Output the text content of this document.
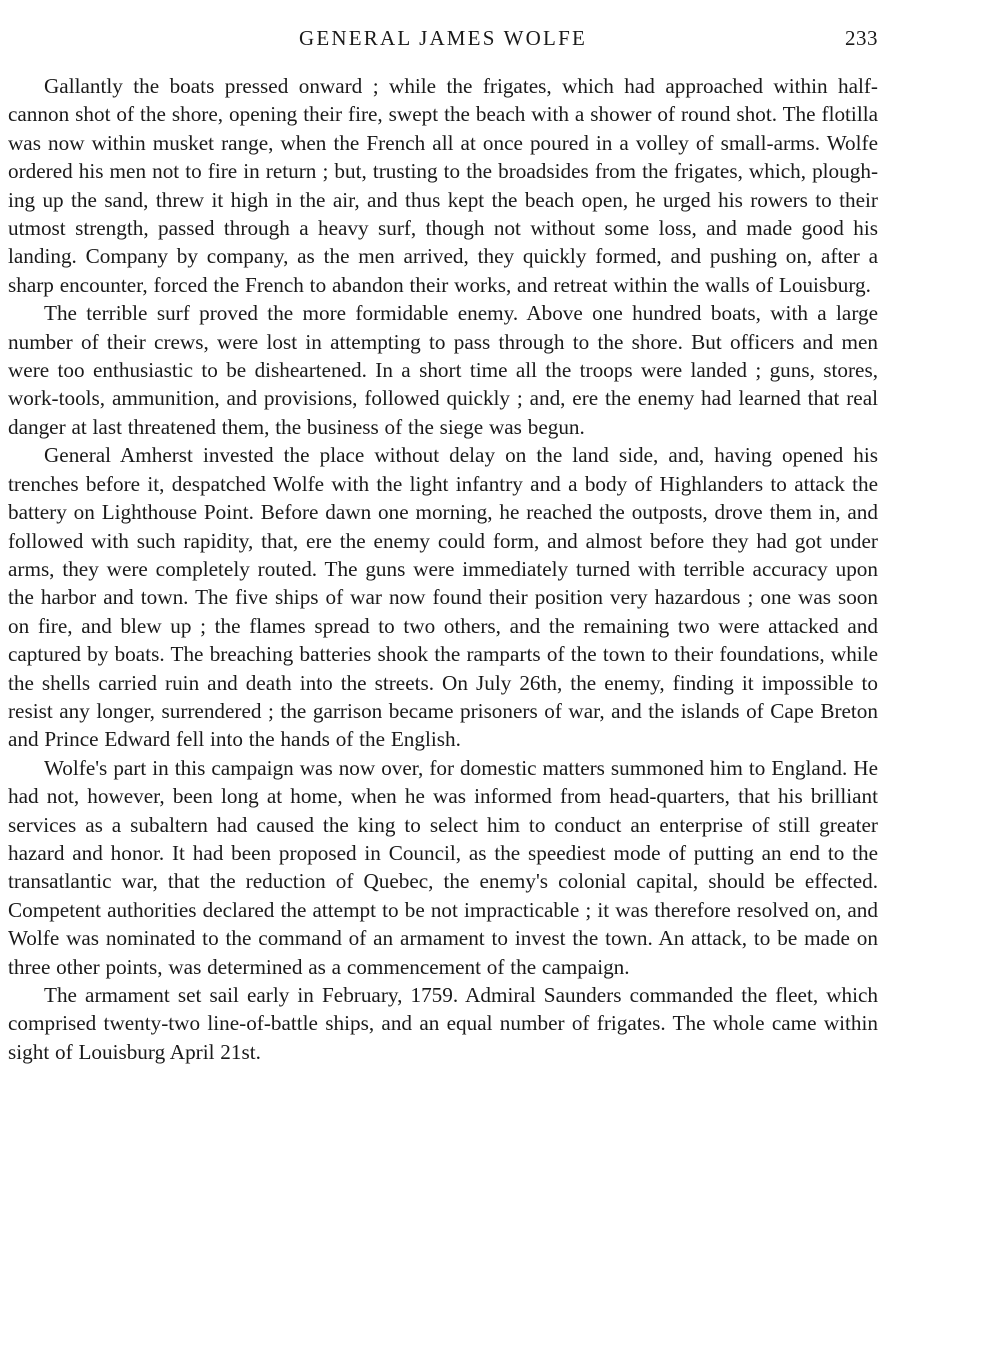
GENERAL JAMES WOLFE	233

Gallantly the boats pressed onward ; while the frigates, which had approached within half-cannon shot of the shore, opening their fire, swept the beach with a shower of round shot. The flotilla was now within musket range, when the French all at once poured in a volley of small-arms. Wolfe ordered his men not to fire in return ; but, trusting to the broadsides from the frigates, which, ploughing up the sand, threw it high in the air, and thus kept the beach open, he urged his rowers to their utmost strength, passed through a heavy surf, though not without some loss, and made good his landing. Company by company, as the men arrived, they quickly formed, and pushing on, after a sharp encounter, forced the French to abandon their works, and retreat within the walls of Louisburg.

The terrible surf proved the more formidable enemy. Above one hundred boats, with a large number of their crews, were lost in attempting to pass through to the shore. But officers and men were too enthusiastic to be disheartened. In a short time all the troops were landed ; guns, stores, work-tools, ammunition, and provisions, followed quickly ; and, ere the enemy had learned that real danger at last threatened them, the business of the siege was begun.

General Amherst invested the place without delay on the land side, and, having opened his trenches before it, despatched Wolfe with the light infantry and a body of Highlanders to attack the battery on Lighthouse Point. Before dawn one morning, he reached the outposts, drove them in, and followed with such rapidity, that, ere the enemy could form, and almost before they had got under arms, they were completely routed. The guns were immediately turned with terrible accuracy upon the harbor and town. The five ships of war now found their position very hazardous ; one was soon on fire, and blew up ; the flames spread to two others, and the remaining two were attacked and captured by boats. The breaching batteries shook the ramparts of the town to their foundations, while the shells carried ruin and death into the streets. On July 26th, the enemy, finding it impossible to resist any longer, surrendered ; the garrison became prisoners of war, and the islands of Cape Breton and Prince Edward fell into the hands of the English.

Wolfe's part in this campaign was now over, for domestic matters summoned him to England. He had not, however, been long at home, when he was informed from head-quarters, that his brilliant services as a subaltern had caused the king to select him to conduct an enterprise of still greater hazard and honor. It had been proposed in Council, as the speediest mode of putting an end to the transatlantic war, that the reduction of Quebec, the enemy's colonial capital, should be effected. Competent authorities declared the attempt to be not impracticable ; it was therefore resolved on, and Wolfe was nominated to the command of an armament to invest the town. An attack, to be made on three other points, was determined as a commencement of the campaign.

The armament set sail early in February, 1759. Admiral Saunders commanded the fleet, which comprised twenty-two line-of-battle ships, and an equal number of frigates. The whole came within sight of Louisburg April 21st.
